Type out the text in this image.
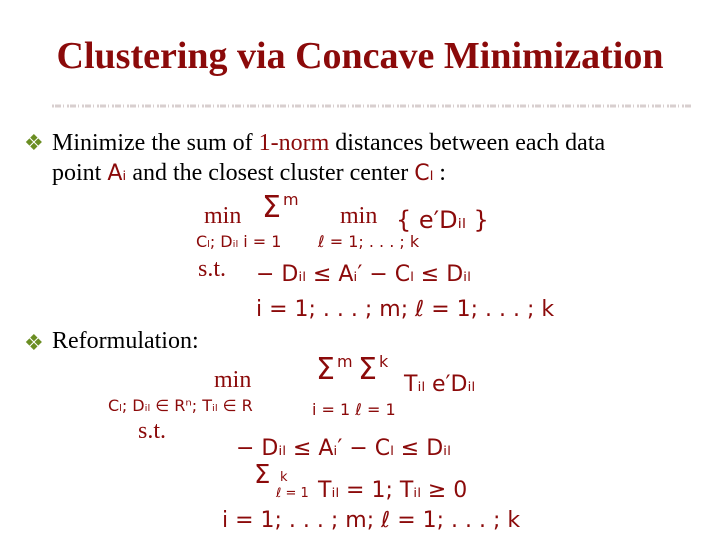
Clustering via Concave Minimization
❖ Minimize the sum of 1-norm distances between each data
point Aᵢ and the closest cluster center Cₗ :
min Σ m
min { e′Dᵢₗ }
Cₗ; Dᵢₗ i = 1 ℓ = 1; . . . ; k
s.t. − Dᵢₗ ≤ Aᵢ′ − Cₗ ≤ Dᵢₗ
i = 1; . . . ; m; ℓ = 1; . . . ; k
❖ Reformulation:
min Σ m Σ k
Tᵢₗ e′Dᵢₗ
Cₗ; Dᵢₗ ∈ Rⁿ; Tᵢₗ ∈ R	i = 1 ℓ = 1
s.t.
− Dᵢₗ ≤ Aᵢ′ − Cₗ ≤ Dᵢₗ
Σ k
ℓ = 1 Tᵢₗ = 1; Tᵢₗ ≥ 0
i = 1; . . . ; m; ℓ = 1; . . . ; k
